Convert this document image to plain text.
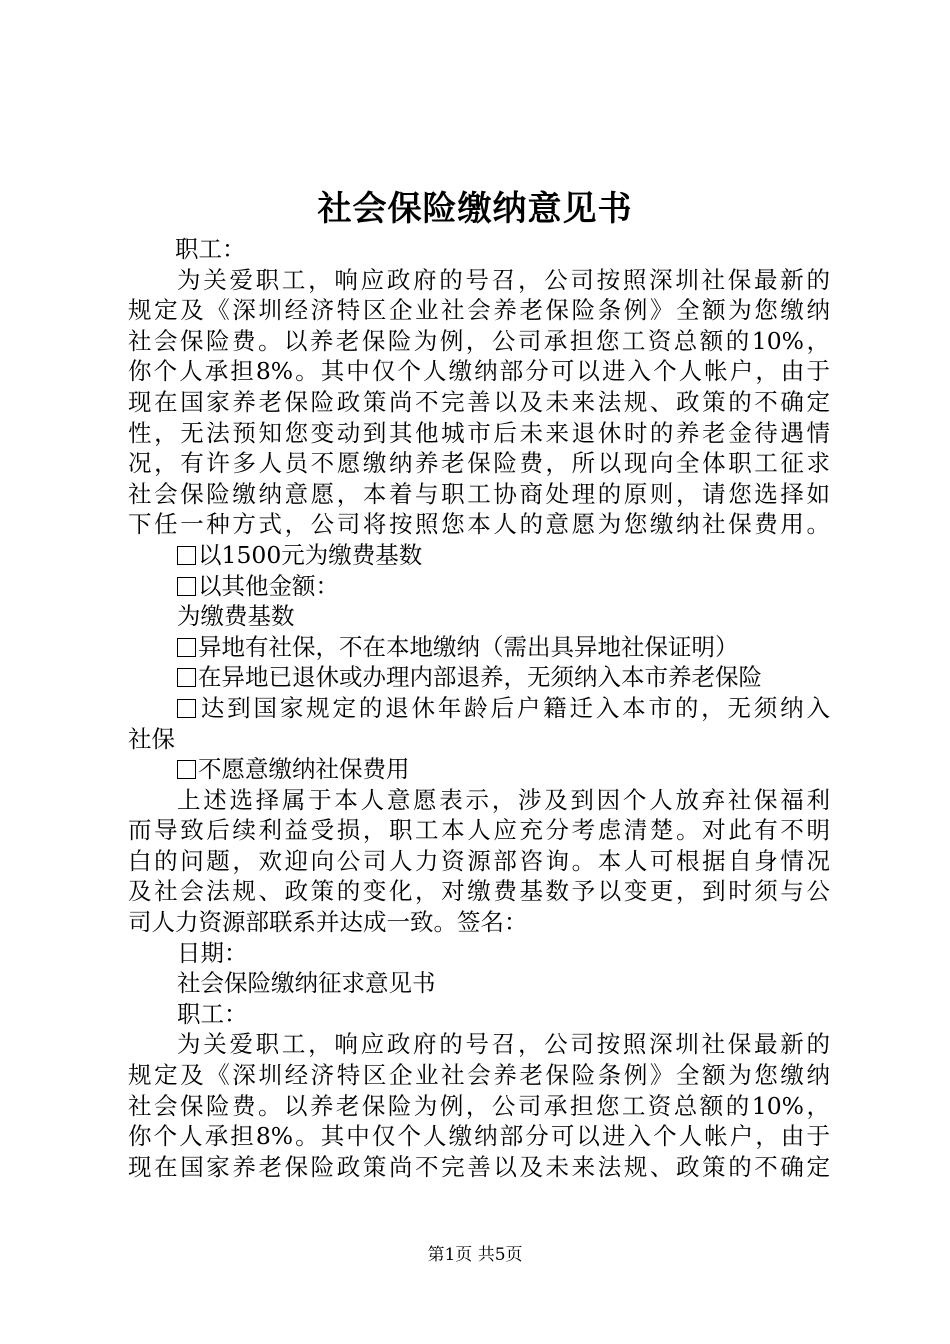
社会保险缴纳意见书
职工：
为关爱职工，响应政府的号召，公司按照深圳社保最新的
规定及《深圳经济特区企业社会养老保险条例》全额为您缴纳
社会保险费。以养老保险为例，公司承担您工资总额的10%，
你个人承担8%。其中仅个人缴纳部分可以进入个人帐户，由于
现在国家养老保险政策尚不完善以及未来法规、政策的不确定
性，无法预知您变动到其他城市后未来退休时的养老金待遇情
况，有许多人员不愿缴纳养老保险费，所以现向全体职工征求
社会保险缴纳意愿，本着与职工协商处理的原则，请您选择如
下任一种方式，公司将按照您本人的意愿为您缴纳社保费用。
以1500元为缴费基数
以其他金额：
为缴费基数
异地有社保，不在本地缴纳（需出具异地社保证明）
在异地已退休或办理内部退养，无须纳入本市养老保险
达到国家规定的退休年龄后户籍迁入本市的，无须纳入
社保
不愿意缴纳社保费用
上述选择属于本人意愿表示，涉及到因个人放弃社保福利
而导致后续利益受损，职工本人应充分考虑清楚。对此有不明
白的问题，欢迎向公司人力资源部咨询。本人可根据自身情况
及社会法规、政策的变化，对缴费基数予以变更，到时须与公
司人力资源部联系并达成一致。签名：
日期：
社会保险缴纳征求意见书
职工：
为关爱职工，响应政府的号召，公司按照深圳社保最新的
规定及《深圳经济特区企业社会养老保险条例》全额为您缴纳
社会保险费。以养老保险为例，公司承担您工资总额的10%，
你个人承担8%。其中仅个人缴纳部分可以进入个人帐户，由于
现在国家养老保险政策尚不完善以及未来法规、政策的不确定
第1页 共5页
